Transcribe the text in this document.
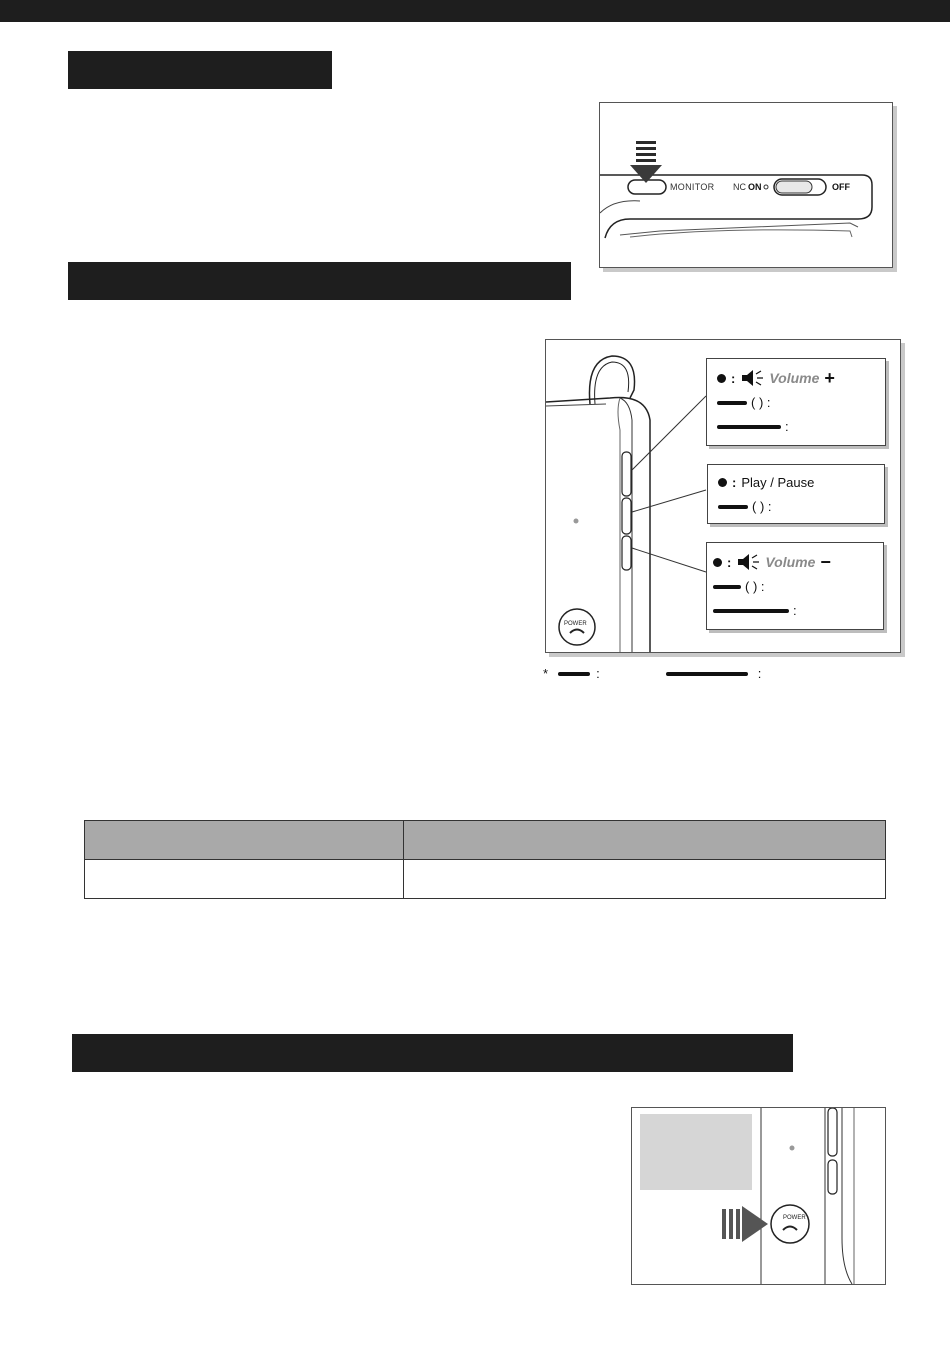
MONITOR NC ON	OFF
POWER
: Volume +
( ) :
:
: Play / Pause
( ) :
: Volume −
( ) :
:
*	:	:

POWER
